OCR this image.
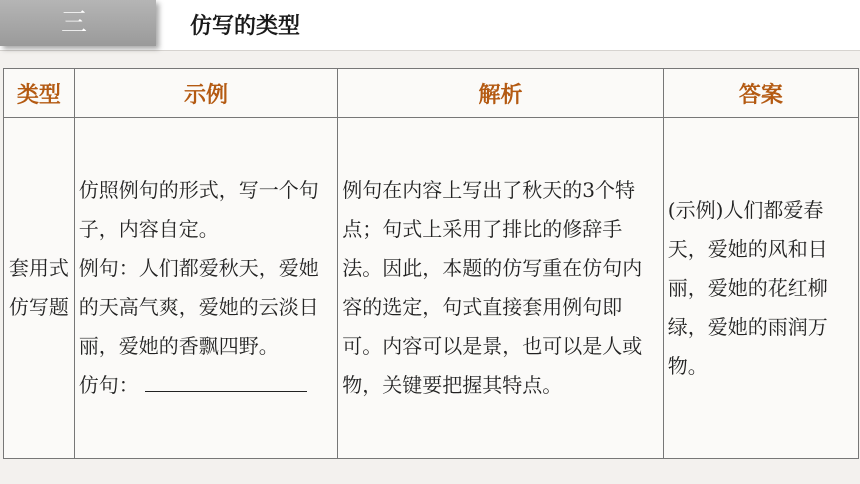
三	仿写的类型
类型	示例	解析	答案
套用式仿写题	仿照例句的形式，写一个句子，内容自定。
例句：人们都爱秋天，爱她的天高气爽，爱她的云淡日丽，爱她的香飘四野。
仿句：	例句在内容上写出了秋天的3个特点；句式上采用了排比的修辞手法。因此，本题的仿写重在仿句内容的选定，句式直接套用例句即可。内容可以是景，也可以是人或物，关键要把握其特点。	(示例)人们都爱春天，爱她的风和日丽，爱她的花红柳绿，爱她的雨润万物。
